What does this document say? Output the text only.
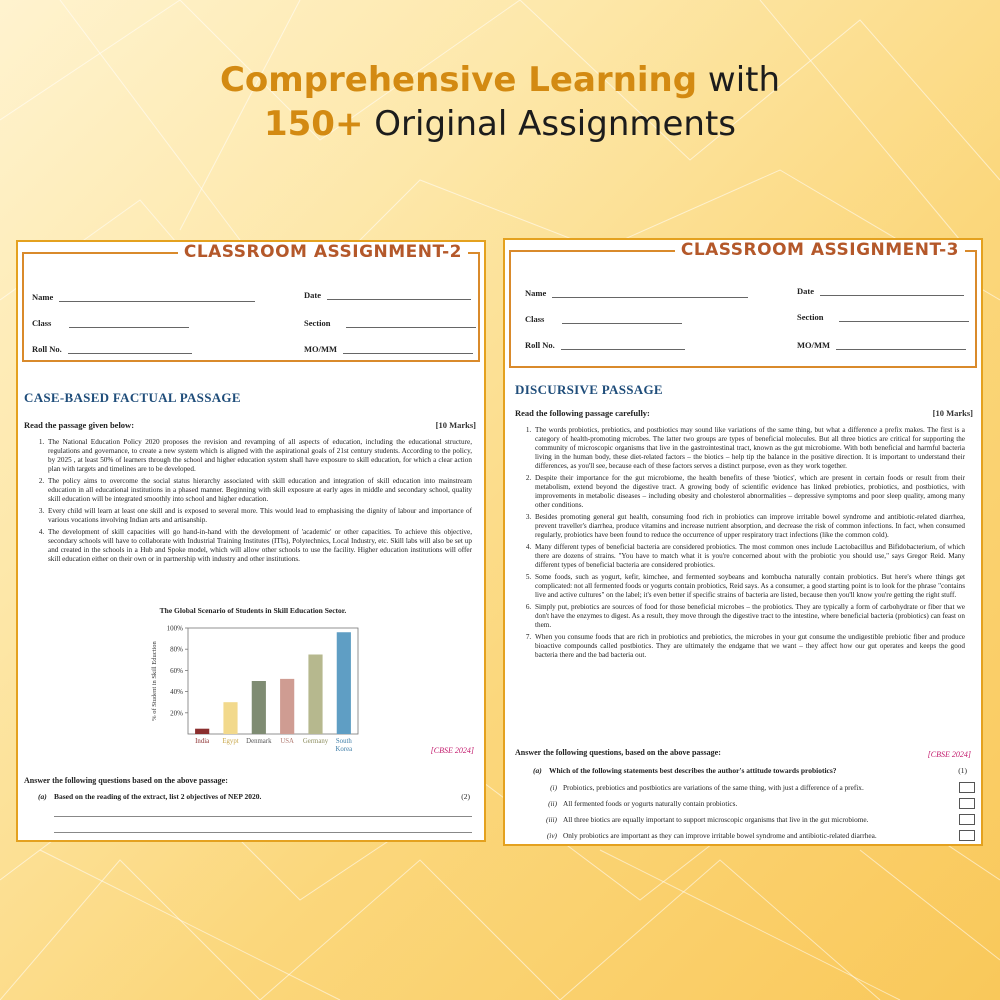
Comprehensive Learning with
150+ Original Assignments
CLASSROOM ASSIGNMENT-2
Name	Date
Class	Section
Roll No.	MO/MM
CASE-BASED FACTUAL PASSAGE
Read the passage given below:	[10 Marks]
1. The National Education Policy 2020 proposes the revision and revamping of all aspects of education, including the educational structure, regulations and governance, to create a new system which is aligned with the aspirational goals of 21st century students. According to the policy, by 2025 , at least 50% of learners through the school and higher education system shall have exposure to skill education, for which a clear action plan with targets and timelines are to be developed.
2. The policy aims to overcome the social status hierarchy associated with skill education and integration of skill education into mainstream education in all educational institutions in a phased manner. Beginning with skill exposure at early ages in middle and secondary school, quality skill education will be integrated smoothly into school and higher education.
3. Every child will learn at least one skill and is exposed to several more. This would lead to emphasising the dignity of labour and importance of various vocations involving Indian arts and artisanship.
4. The development of skill capacities will go hand-in-hand with the development of 'academic' or other capacities. To achieve this objective, secondary schools will have to collaborate with Industrial Training Institutes (ITIs), Polytechnics, Local Industry, etc. Skill labs will also be set up and created in the schools in a Hub and Spoke model, which will allow other schools to use the facility. Higher education institutions will offer skill education either on their own or in partnership with industry and other institutions.
The Global Scenario of Students in Skill Education Sector.
20%
40%
60%
80%
100%
% of Student in Skill Eduction
India Egypt Denmark USA Germany South
Korea	[CBSE 2024]
Answer the following questions based on the above passage:
(a) Based on the reading of the extract, list 2 objectives of NEP 2020.	(2)
CLASSROOM ASSIGNMENT-3
Name	Date
Class	Section
Roll No.	MO/MM
DISCURSIVE PASSAGE
Read the following passage carefully:	[10 Marks]
1. The words probiotics, prebiotics, and postbiotics may sound like variations of the same thing, but what a difference a prefix makes. The first is a category of health-promoting microbes. The latter two groups are types of beneficial molecules. But all three biotics are critical for supporting the community of microscopic organisms that live in the gastrointestinal tract, known as the gut microbiome. With both beneficial and harmful bacteria living in the human body, these diet-related factors – the biotics – help tip the balance in the positive direction. It is important to understand their differences, as you'll see, because each of these factors serves a distinct purpose, even as they work together.
2. Despite their importance for the gut microbiome, the health benefits of these 'biotics', which are present in certain foods or result from their metabolism, extend beyond the digestive tract. A growing body of scientific evidence has linked prebiotics, probiotics, and postbiotics, with improvements in metabolic diseases – including obesity and cholesterol abnormalities – depressive symptoms and poor sleep quality, among many other conditions.
3. Besides promoting general gut health, consuming food rich in probiotics can improve irritable bowel syndrome and antibiotic-related diarrhea, prevent traveller's diarrhea, produce vitamins and increase nutrient absorption, and decrease the risk of common infections. In fact, when consumed regularly, probiotics have been found to reduce the occurrence of upper respiratory tract infections (like the common cold).
4. Many different types of beneficial bacteria are considered probiotics. The most common ones include Lactobacillus and Bifidobacterium, of which there are dozens of strains. "You have to match what it is you're concerned about with the probiotic you should use," says Gregor Reid. Many different types of beneficial bacteria are considered probiotics.
5. Some foods, such as yogurt, kefir, kimchee, and fermented soybeans and kombucha naturally contain probiotics. But here's where things get complicated: not all fermented foods or yogurts contain probiotics, Reid says. As a consumer, a good starting point is to look for the phrase "contains live and active cultures" on the label; it's even better if specific strains of bacteria are listed, because then you'll know you're getting the right stuff.
6. Simply put, prebiotics are sources of food for those beneficial microbes – the probiotics. They are typically a form of carbohydrate or fiber that we don't have the enzymes to digest. As a result, they move through the digestive tract to the intestine, where beneficial bacteria (probiotics) can feast on them.
7. When you consume foods that are rich in probiotics and prebiotics, the microbes in your gut consume the undigestible prebiotic fiber and produce bioactive compounds called postbiotics. They are ultimately the endgame that we want – they affect how our gut operates and keeps the good bacteria there and the bad bacteria out.
[CBSE 2024]
Answer the following questions, based on the above passage:
(a) Which of the following statements best describes the author's attitude towards probiotics?	(1)
(i) Probiotics, prebiotics and postbiotics are variations of the same thing, with just a difference of a prefix.
(ii) All fermented foods or yogurts naturally contain probiotics.
(iii) All three biotics are equally important to support microscopic organisms that live in the gut microbiome.
(iv) Only probiotics are important as they can improve irritable bowel syndrome and antibiotic-related diarrhea.
